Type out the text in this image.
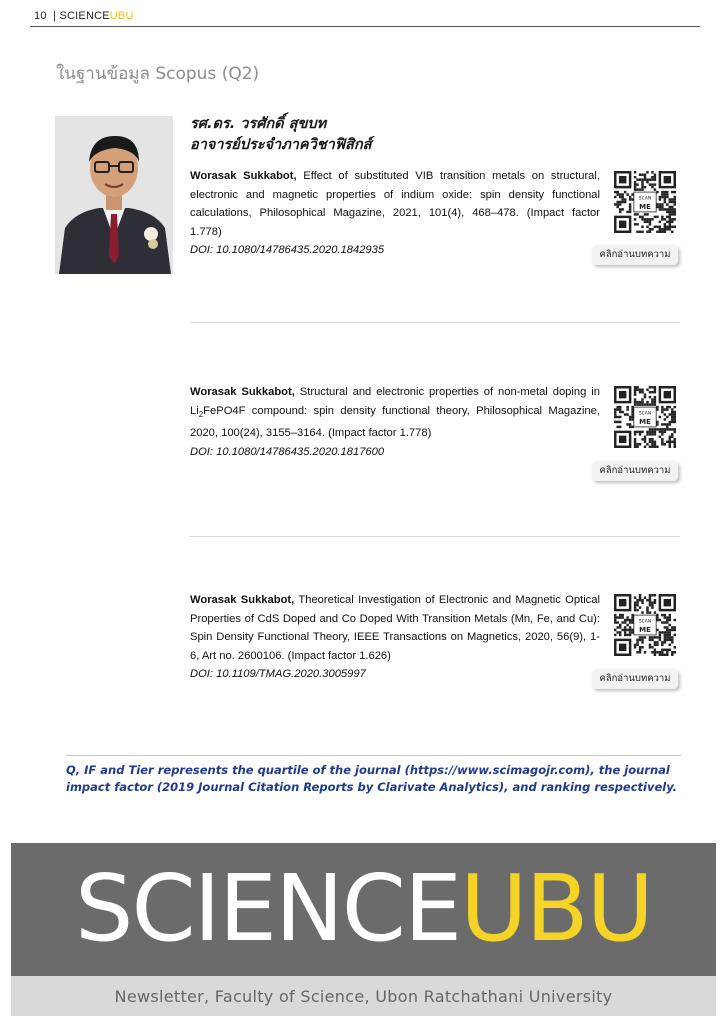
10  | SCIENCEUBU
ในฐานข้อมูล Scopus (Q2)
รศ.ดร. วรศักดิ์ สุขบท
อาจารย์ประจำภาควิชาฟิสิกส์
Worasak Sukkabot, Effect of substituted VIB transition metals on structural, electronic and magnetic properties of indium oxide: spin density functional calculations, Philosophical Magazine, 2021, 101(4), 468–478. (Impact factor 1.778)
DOI: 10.1080/14786435.2020.1842935
SCAN
ME
คลิกอ่านบทความ
Worasak Sukkabot, Structural and electronic properties of non-metal doping in $Li_2FePO4F$ compound: spin density functional theory, Philosophical Magazine, 2020, 100(24), 3155–3164. (Impact factor 1.778)
DOI: 10.1080/14786435.2020.1817600
SCAN
ME
คลิกอ่านบทความ
Worasak Sukkabot, Theoretical Investigation of Electronic and Magnetic Optical Properties of CdS Doped and Co Doped With Transition Metals (Mn, Fe, and Cu): Spin Density Functional Theory, IEEE Transactions on Magnetics, 2020, 56(9), 1-6, Art no. 2600106. (Impact factor 1.626)
DOI: 10.1109/TMAG.2020.3005997
SCAN
ME
คลิกอ่านบทความ
Q, IF and Tier represents the quartile of the journal (https://www.scimagojr.com), the journal impact factor (2019 Journal Citation Reports by Clarivate Analytics), and ranking respectively.
SCIENCEUBU
Newsletter, Faculty of Science, Ubon Ratchathani University
